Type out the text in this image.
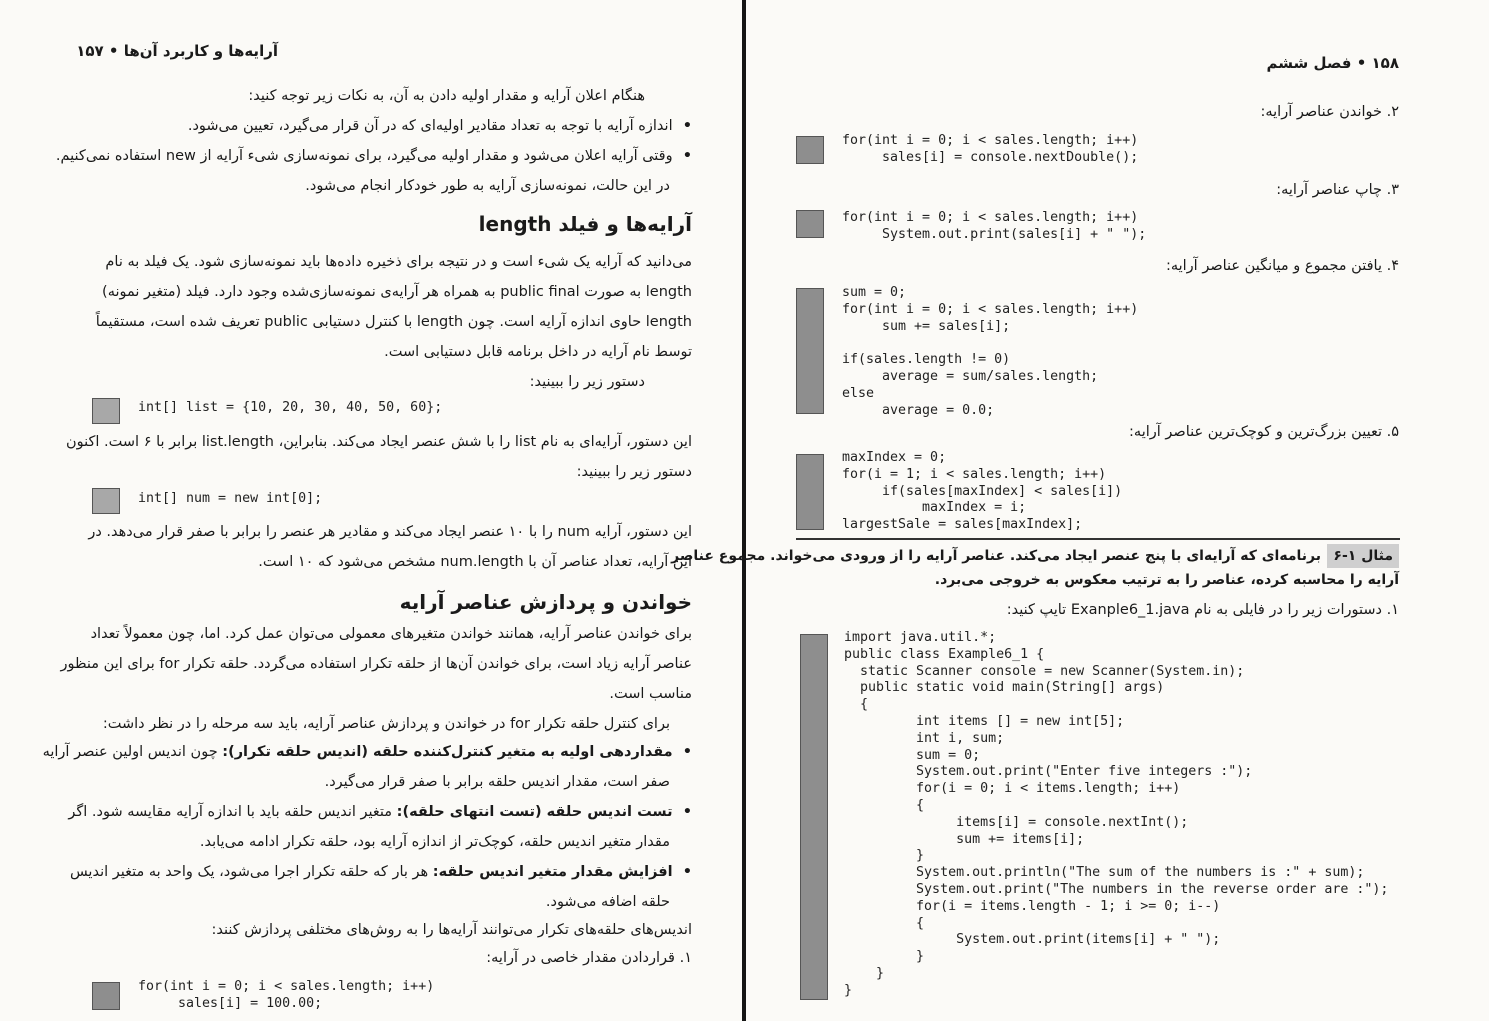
آرایه‌ها و کاربرد آن‌ها • ۱۵۷
هنگام اعلان آرایه و مقدار اولیه دادن به آن، به نکات زیر توجه کنید:
•  اندازه آرایه با توجه به تعداد مقادیر اولیه‌ای که در آن قرار می‌گیرد، تعیین می‌شود.
•  وقتی آرایه اعلان می‌شود و مقدار اولیه می‌گیرد، برای نمونه‌سازی شیء آرایه از new استفاده نمی‌کنیم.
در این حالت، نمونه‌سازی آرایه به طور خودکار انجام می‌شود.
آرایه‌ها و فیلد length
می‌دانید که آرایه یک شیء است و در نتیجه برای ذخیره داده‌ها باید نمونه‌سازی شود. یک فیلد به نام
length به صورت public final به همراه هر آرایه‌ی نمونه‌سازی‌شده وجود دارد. فیلد (متغیر نمونه)
length حاوی اندازه آرایه است. چون length با کنترل دستیابی public تعریف شده است، مستقیماً
توسط نام آرایه در داخل برنامه قابل دستیابی است.
دستور زیر را ببینید:
int[] list = {10, 20, 30, 40, 50, 60};
این دستور، آرایه‌ای به نام list را با شش عنصر ایجاد می‌کند. بنابراین، list.length برابر با ۶ است. اکنون
دستور زیر را ببینید:
int[] num = new int[0];
این دستور، آرایه num را با ۱۰ عنصر ایجاد می‌کند و مقادیر هر عنصر را برابر با صفر قرار می‌دهد. در
این آرایه، تعداد عناصر آن با num.length مشخص می‌شود که ۱۰ است.
خواندن و پردازش عناصر آرایه
برای خواندن عناصر آرایه، همانند خواندن متغیرهای معمولی می‌توان عمل کرد. اما، چون معمولاً تعداد
عناصر آرایه زیاد است، برای خواندن آن‌ها از حلقه تکرار استفاده می‌گردد. حلقه تکرار for برای این منظور
مناسب است.
برای کنترل حلقه تکرار for در خواندن و پردازش عناصر آرایه، باید سه مرحله را در نظر داشت:
•  مقداردهی اولیه به متغیر کنترل‌کننده حلقه (اندیس حلقه تکرار): چون اندیس اولین عنصر آرایه
صفر است، مقدار اندیس حلقه برابر با صفر قرار می‌گیرد.
•  تست اندیس حلقه (تست انتهای حلقه): متغیر اندیس حلقه باید با اندازه آرایه مقایسه شود. اگر
مقدار متغیر اندیس حلقه، کوچک‌تر از اندازه آرایه بود، حلقه تکرار ادامه می‌یابد.
•  افزایش مقدار متغیر اندیس حلقه: هر بار که حلقه تکرار اجرا می‌شود، یک واحد به متغیر اندیس
حلقه اضافه می‌شود.
اندیس‌های حلقه‌های تکرار می‌توانند آرایه‌ها را به روش‌های مختلفی پردازش کنند:
۱. قراردادن مقدار خاصی در آرایه:
for(int i = 0; i < sales.length; i++)
sales[i] = 100.00;
۱۵۸ • فصل ششم
۲. خواندن عناصر آرایه:
for(int i = 0; i < sales.length; i++)
sales[i] = console.nextDouble();
۳. چاپ عناصر آرایه:
for(int i = 0; i < sales.length; i++)
System.out.print(sales[i] + " ");
۴. یافتن مجموع و میانگین عناصر آرایه:
sum = 0;
for(int i = 0; i < sales.length; i++)
sum += sales[i];

if(sales.length != 0)
average = sum/sales.length;
else
average = 0.0;
۵. تعیین بزرگ‌ترین و کوچک‌ترین عناصر آرایه:
maxIndex = 0;
for(i = 1; i < sales.length; i++)
if(sales[maxIndex] < sales[i])
maxIndex = i;
largestSale = sales[maxIndex];
مثال ۱-۶
برنامه‌ای که آرایه‌ای با پنج عنصر ایجاد می‌کند. عناصر آرایه را از ورودی می‌خواند. مجموع عناصر
آرایه را محاسبه کرده، عناصر را به ترتیب معکوس به خروجی می‌برد.
۱. دستورات زیر را در فایلی به نام Exanple6_1.java تایپ کنید:
import java.util.*;
public class Example6_1 {
static Scanner console = new Scanner(System.in);
public static void main(String[] args)
{
int items [] = new int[5];
int i, sum;
sum = 0;
System.out.print("Enter five integers :");
for(i = 0; i < items.length; i++)
{
items[i] = console.nextInt();
sum += items[i];
}
System.out.println("The sum of the numbers is :" + sum);
System.out.print("The numbers in the reverse order are :");
for(i = items.length - 1; i >= 0; i--)
{
System.out.print(items[i] + " ");
}
}
}
